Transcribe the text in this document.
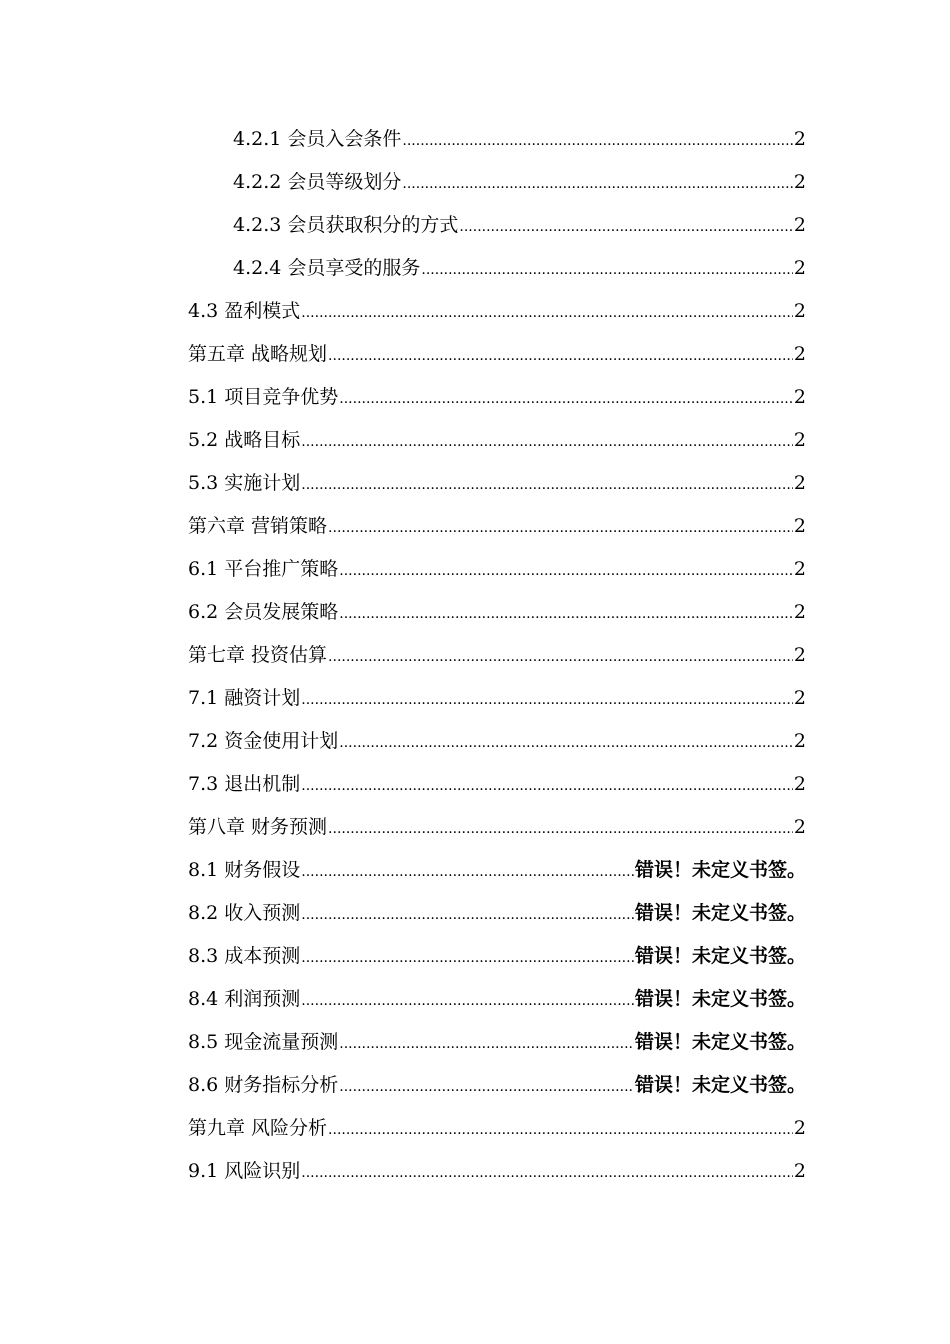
4.2.1 会员入会条件 .....	2
4.2.2 会员等级划分 .....	2
4.2.3 会员获取积分的方式 .....	2
4.2.4 会员享受的服务 .....	2
4.3 盈利模式 .....	2
第五章 战略规划 .....	2
5.1 项目竞争优势 .....	2
5.2 战略目标 .....	2
5.3 实施计划 .....	2
第六章 营销策略 .....	2
6.1 平台推广策略 .....	2
6.2 会员发展策略 .....	2
第七章 投资估算 .....	2
7.1 融资计划 .....	2
7.2 资金使用计划 .....	2
7.3 退出机制 .....	2
第八章 财务预测 .....	2
8.1 财务假设 .....	错误！未定义书签。
8.2 收入预测 .....	错误！未定义书签。
8.3 成本预测 .....	错误！未定义书签。
8.4 利润预测 .....	错误！未定义书签。
8.5 现金流量预测 .....	错误！未定义书签。
8.6 财务指标分析 .....	错误！未定义书签。
第九章 风险分析 .....	2
9.1 风险识别 .....	2
